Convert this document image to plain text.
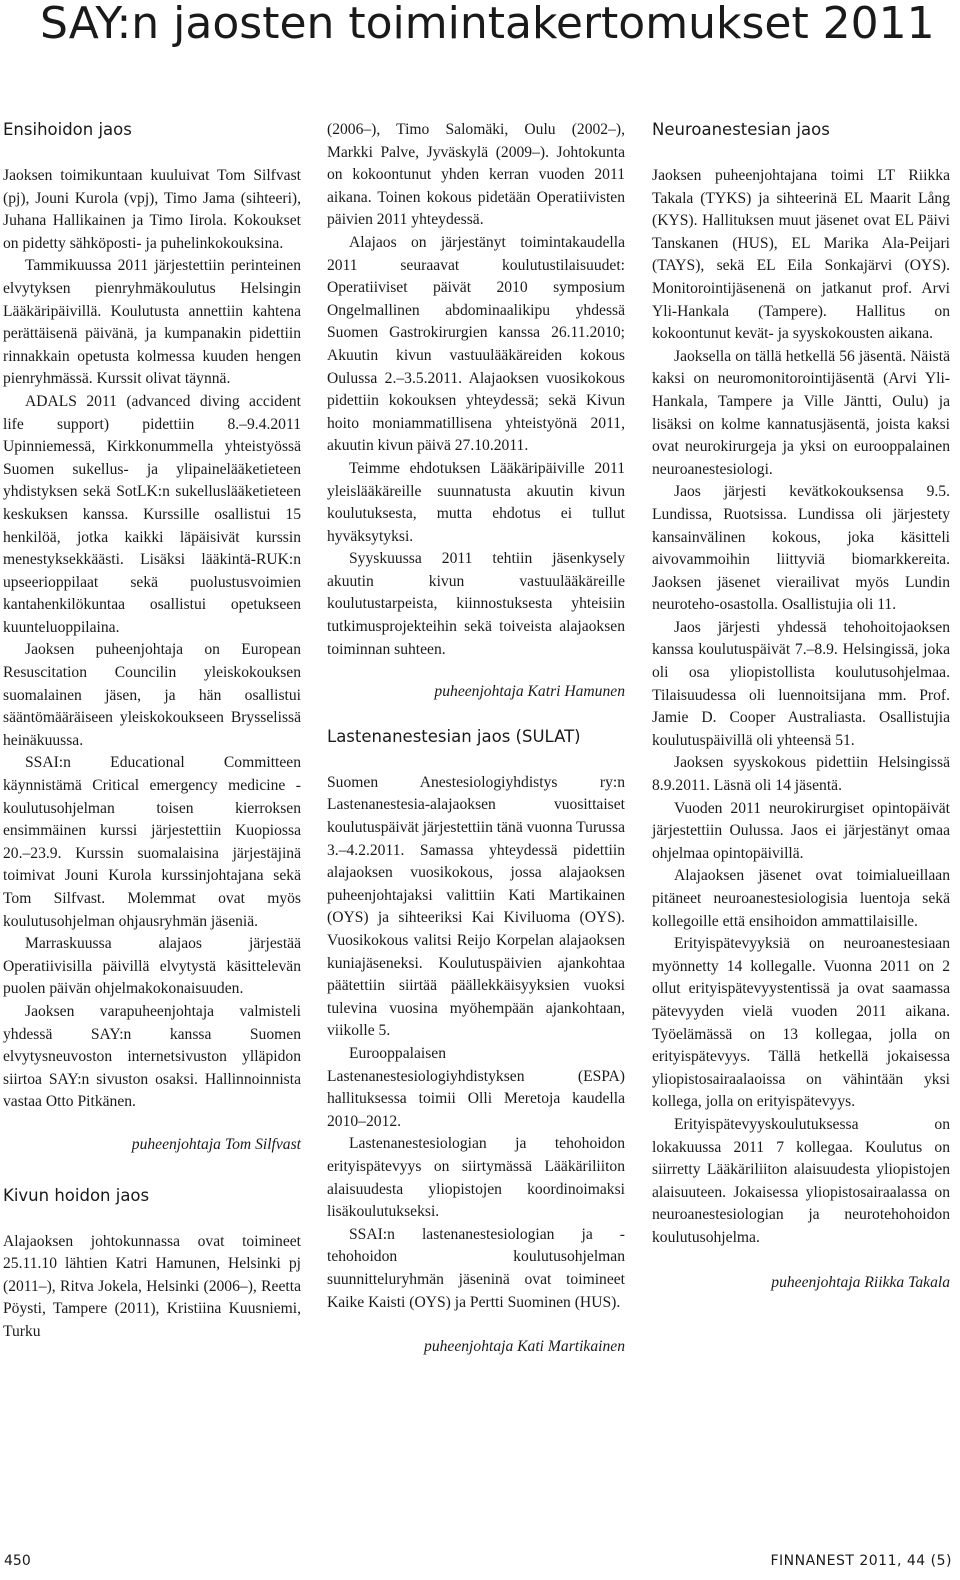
SAY:n jaosten toimintakertomukset 2011
Ensihoidon jaos

Jaoksen toimikuntaan kuuluivat Tom Silfvast (pj), Jouni Kurola (vpj), Timo Jama (sihteeri), Juhana Hallikainen ja Timo Iirola. Kokoukset on pidetty sähköposti- ja puhelinkokouksina.

Tammikuussa 2011 järjestettiin perinteinen elvytyksen pienryhmäkoulutus Helsingin Lääkäripäivillä. Koulutusta annettiin kahtena perättäisenä päivänä, ja kumpanakin pidettiin rinnakkain opetusta kolmessa kuuden hengen pienryhmässä. Kurssit olivat täynnä.

ADALS 2011 (advanced diving accident life support) pidettiin 8.–9.4.2011 Upinniemessä, Kirkkonummella yhteistyössä Suomen sukellus- ja ylipainelääketieteen yhdistyksen sekä SotLK:n sukelluslääketieteen keskuksen kanssa. Kurssille osallistui 15 henkilöä, jotka kaikki läpäisivät kurssin menestyksekkäästi. Lisäksi lääkintä-RUK:n upseerioppilaat sekä puolustusvoimien kantahenkilökuntaa osallistui opetukseen kuunteluoppilaina.

Jaoksen puheenjohtaja on European Resuscitation Councilin yleiskokouksen suomalainen jäsen, ja hän osallistui sääntömääräiseen yleiskokoukseen Brysselissä heinäkuussa.

SSAI:n Educational Committeen käynnistämä Critical emergency medicine -koulutusohjelman toisen kierroksen ensimmäinen kurssi järjestettiin Kuopiossa 20.–23.9. Kurssin suomalaisina järjestäjinä toimivat Jouni Kurola kurssinjohtajana sekä Tom Silfvast. Molemmat ovat myös koulutusohjelman ohjausryhmän jäseniä.

Marraskuussa alajaos järjestää Operatiivisilla päivillä elvytystä käsittelevän puolen päivän ohjelmakokonaisuuden.

Jaoksen varapuheenjohtaja valmisteli yhdessä SAY:n kanssa Suomen elvytysneuvoston internetsivuston ylläpidon siirtoa SAY:n sivuston osaksi. Hallinnoinnista vastaa Otto Pitkänen.

puheenjohtaja Tom Silfvast

Kivun hoidon jaos

Alajaoksen johtokunnassa ovat toimineet 25.11.10 lähtien Katri Hamunen, Helsinki pj (2011–), Ritva Jokela, Helsinki (2006–), Reetta Pöysti, Tampere (2011), Kristiina Kuusniemi, Turku

(2006–), Timo Salomäki, Oulu (2002–), Markki Palve, Jyväskylä (2009–). Johtokunta on kokoontunut yhden kerran vuoden 2011 aikana. Toinen kokous pidetään Operatiivisten päivien 2011 yhteydessä.

Alajaos on järjestänyt toimintakaudella 2011 seuraavat koulutustilaisuudet: Operatiiviset päivät 2010 symposium Ongelmallinen abdominaalikipu yhdessä Suomen Gastrokirurgien kanssa 26.11.2010; Akuutin kivun vastuulääkäreiden kokous Oulussa 2.–3.5.2011. Alajaoksen vuosikokous pidettiin kokouksen yhteydessä; sekä Kivun hoito moniammatillisena yhteistyönä 2011, akuutin kivun päivä 27.10.2011.

Teimme ehdotuksen Lääkäripäiville 2011 yleislääkäreille suunnatusta akuutin kivun koulutuksesta, mutta ehdotus ei tullut hyväksytyksi.

Syyskuussa 2011 tehtiin jäsenkysely akuutin kivun vastuulääkäreille koulutustarpeista, kiinnostuksesta yhteisiin tutkimusprojekteihin sekä toiveista alajaoksen toiminnan suhteen.

puheenjohtaja Katri Hamunen

Lastenanestesian jaos (SULAT)

Suomen Anestesiologiyhdistys ry:n Lastenanestesia-alajaoksen vuosittaiset koulutuspäivät järjestettiin tänä vuonna Turussa 3.–4.2.2011. Samassa yhteydessä pidettiin alajaoksen vuosikokous, jossa alajaoksen puheenjohtajaksi valittiin Kati Martikainen (OYS) ja sihteeriksi Kai Kiviluoma (OYS). Vuosikokous valitsi Reijo Korpelan alajaoksen kuniajäseneksi. Koulutuspäivien ajankohtaa päätettiin siirtää päällekkäisyyksien vuoksi tulevina vuosina myöhempään ajankohtaan, viikolle 5.

Eurooppalaisen Lastenanestesiologiyhdistyksen (ESPA) hallituksessa toimii Olli Meretoja kaudella 2010–2012.

Lastenanestesiologian ja tehohoidon erityispätevyys on siirtymässä Lääkäriliiton alaisuudesta yliopistojen koordinoimaksi lisäkoulutukseksi.

SSAI:n lastenanestesiologian ja -tehohoidon koulutusohjelman suunnitteluryhmän jäseninä ovat toimineet Kaike Kaisti (OYS) ja Pertti Suominen (HUS).

puheenjohtaja Kati Martikainen

Neuroanestesian jaos

Jaoksen puheenjohtajana toimi LT Riikka Takala (TYKS) ja sihteerinä EL Maarit Lång (KYS). Hallituksen muut jäsenet ovat EL Päivi Tanskanen (HUS), EL Marika Ala-Peijari (TAYS), sekä EL Eila Sonkajärvi (OYS). Monitorointijäsenenä on jatkanut prof. Arvi Yli-Hankala (Tampere). Hallitus on kokoontunut kevät- ja syyskokousten aikana.

Jaoksella on tällä hetkellä 56 jäsentä. Näistä kaksi on neuromonitorointijäsentä (Arvi Yli-Hankala, Tampere ja Ville Jäntti, Oulu) ja lisäksi on kolme kannatusjäsentä, joista kaksi ovat neurokirurgeja ja yksi on eurooppalainen neuroanestesiologi.

Jaos järjesti kevätkokouksensa 9.5. Lundissa, Ruotsissa. Lundissa oli järjestety kansainvälinen kokous, joka käsitteli aivovammoihin liittyviä biomarkkereita. Jaoksen jäsenet vierailivat myös Lundin neuroteho-osastolla. Osallistujia oli 11.

Jaos järjesti yhdessä tehohoitojaoksen kanssa koulutuspäivät 7.–8.9. Helsingissä, joka oli osa yliopistollista koulutusohjelmaa. Tilaisuudessa oli luennoitsijana mm. Prof. Jamie D. Cooper Australiasta. Osallistujia koulutuspäivillä oli yhteensä 51.

Jaoksen syyskokous pidettiin Helsingissä 8.9.2011. Läsnä oli 14 jäsentä.

Vuoden 2011 neurokirurgiset opintopäivät järjestettiin Oulussa. Jaos ei järjestänyt omaa ohjelmaa opintopäivillä.

Alajaoksen jäsenet ovat toimialueillaan pitäneet neuroanestesiologisia luentoja sekä kollegoille että ensihoidon ammattilaisille.

Erityispätevyyksiä on neuroanestesiaan myönnetty 14 kollegalle. Vuonna 2011 on 2 ollut erityispätevyystentissä ja ovat saamassa pätevyyden vielä vuoden 2011 aikana. Työelämässä on 13 kollegaa, jolla on erityispätevyys. Tällä hetkellä jokaisessa yliopistosairaalaoissa on vähintään yksi kollega, jolla on erityispätevyys.

Erityispätevyyskoulutuksessa on lokakuussa 2011 7 kollegaa. Koulutus on siirretty Lääkäriliiton alaisuudesta yliopistojen alaisuuteen. Jokaisessa yliopistosairaalassa on neuroanestesiologian ja neurotehohoidon koulutusohjelma.

puheenjohtaja Riikka Takala

450	FINNANEST 2011, 44 (5)
